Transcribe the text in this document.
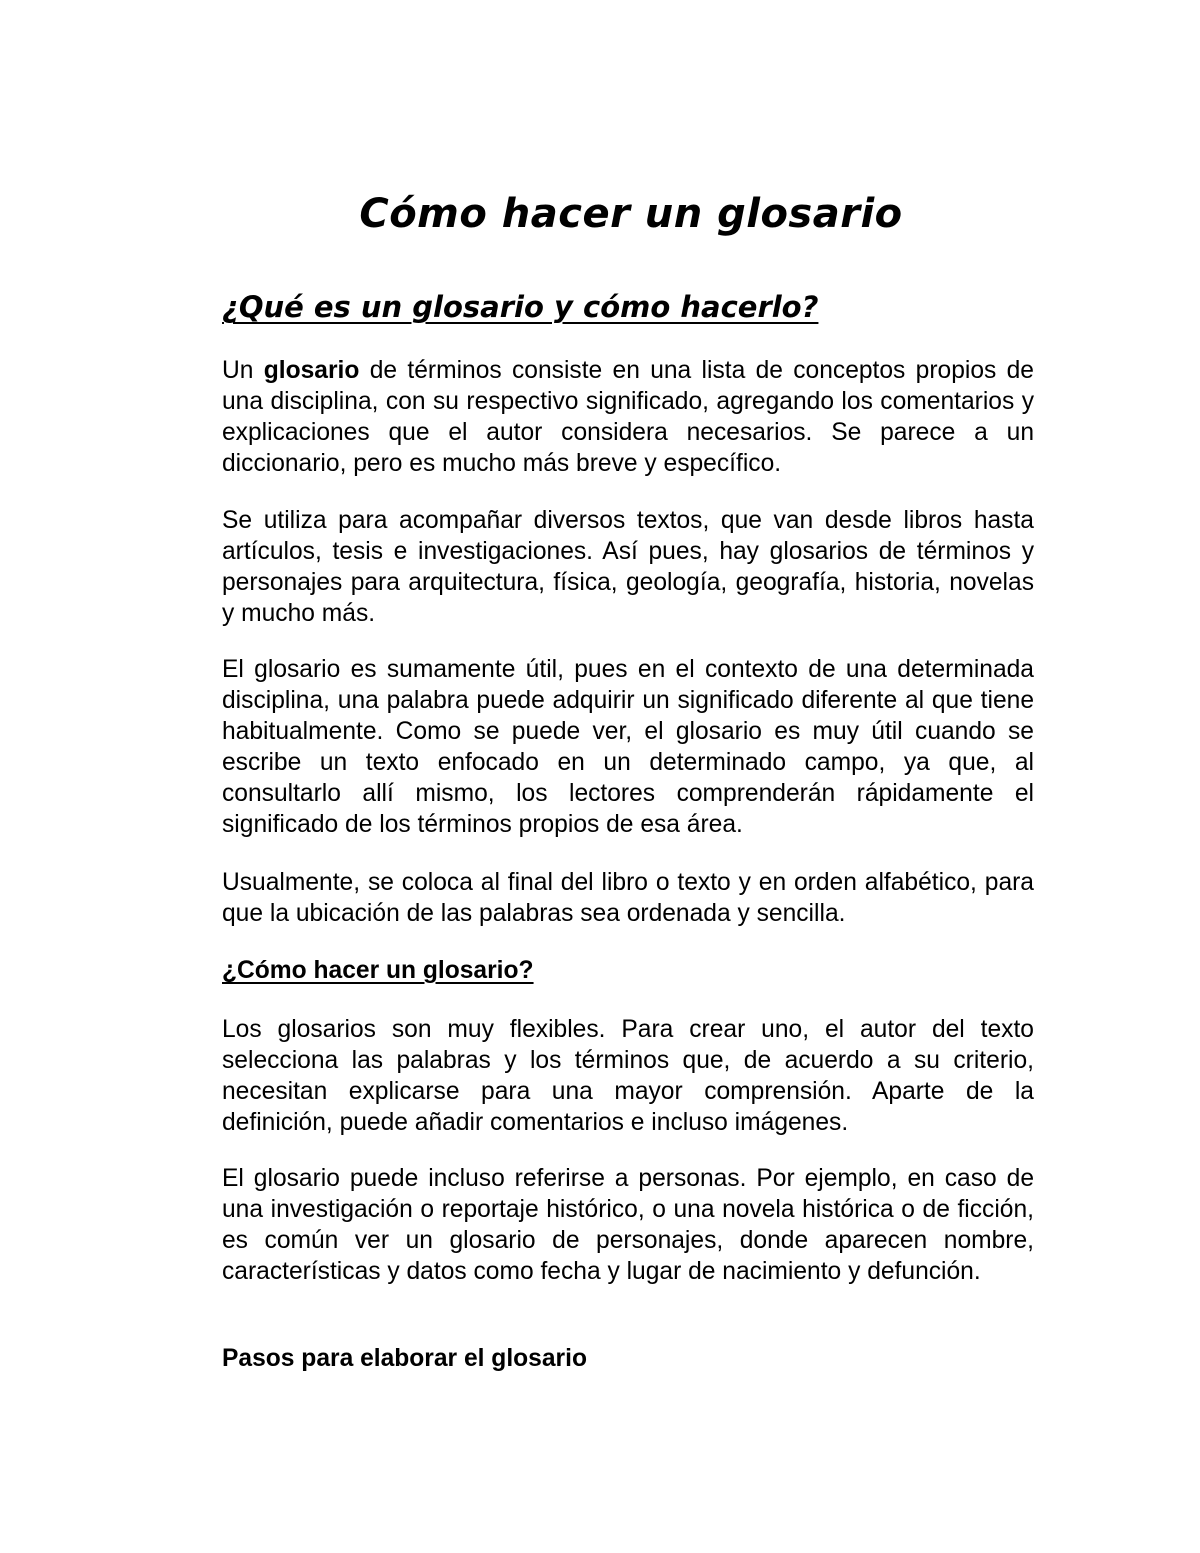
Cómo hacer un glosario
¿Qué es un glosario y cómo hacerlo?

Un glosario de términos consiste en una lista de conceptos propios de una disciplina, con su respectivo significado, agregando los comentarios y explicaciones que el autor considera necesarios. Se parece a un diccionario, pero es mucho más breve y específico.

Se utiliza para acompañar diversos textos, que van desde libros hasta artículos, tesis e investigaciones. Así pues, hay glosarios de términos y personajes para arquitectura, física, geología, geografía, historia, novelas y mucho más.

El glosario es sumamente útil, pues en el contexto de una determinada disciplina, una palabra puede adquirir un significado diferente al que tiene habitualmente. Como se puede ver, el glosario es muy útil cuando se escribe un texto enfocado en un determinado campo, ya que, al consultarlo allí mismo, los lectores comprenderán rápidamente el significado de los términos propios de esa área.

Usualmente, se coloca al final del libro o texto y en orden alfabético, para que la ubicación de las palabras sea ordenada y sencilla.

¿Cómo hacer un glosario?

Los glosarios son muy flexibles. Para crear uno, el autor del texto selecciona las palabras y los términos que, de acuerdo a su criterio, necesitan explicarse para una mayor comprensión. Aparte de la definición, puede añadir comentarios e incluso imágenes.

El glosario puede incluso referirse a personas. Por ejemplo, en caso de una investigación o reportaje histórico, o una novela histórica o de ficción, es común ver un glosario de personajes, donde aparecen nombre, características y datos como fecha y lugar de nacimiento y defunción.

Pasos para elaborar el glosario
